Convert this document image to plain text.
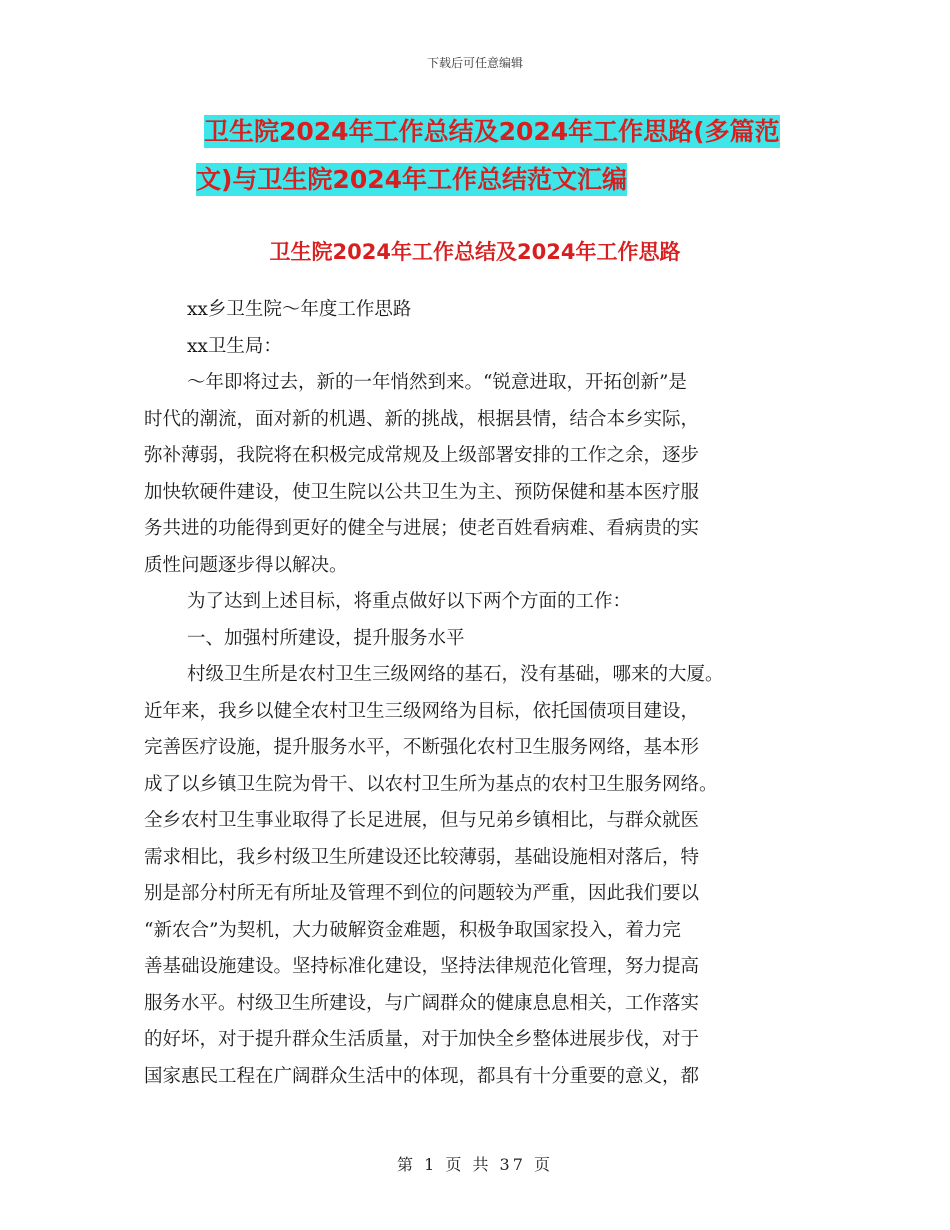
下载后可任意编辑
卫生院2024年工作总结及2024年工作思路(多篇范
文)与卫生院2024年工作总结范文汇编
卫生院2024年工作总结及2024年工作思路
xx乡卫生院～年度工作思路
xx卫生局：
～年即将过去，新的一年悄然到来。“锐意进取，开拓创新”是
时代的潮流，面对新的机遇、新的挑战，根据县情，结合本乡实际，
弥补薄弱，我院将在积极完成常规及上级部署安排的工作之余，逐步
加快软硬件建设，使卫生院以公共卫生为主、预防保健和基本医疗服
务共进的功能得到更好的健全与进展；使老百姓看病难、看病贵的实
质性问题逐步得以解决。
为了达到上述目标，将重点做好以下两个方面的工作：
一、加强村所建设，提升服务水平
村级卫生所是农村卫生三级网络的基石，没有基础，哪来的大厦。
近年来，我乡以健全农村卫生三级网络为目标，依托国债项目建设，
完善医疗设施，提升服务水平，不断强化农村卫生服务网络，基本形
成了以乡镇卫生院为骨干、以农村卫生所为基点的农村卫生服务网络。
全乡农村卫生事业取得了长足进展，但与兄弟乡镇相比，与群众就医
需求相比，我乡村级卫生所建设还比较薄弱，基础设施相对落后，特
别是部分村所无有所址及管理不到位的问题较为严重，因此我们要以
“新农合”为契机，大力破解资金难题，积极争取国家投入，着力完
善基础设施建设。坚持标准化建设，坚持法律规范化管理，努力提高
服务水平。村级卫生所建设，与广阔群众的健康息息相关，工作落实
的好坏，对于提升群众生活质量，对于加快全乡整体进展步伐，对于
国家惠民工程在广阔群众生活中的体现，都具有十分重要的意义，都
第 1 页 共 37 页
